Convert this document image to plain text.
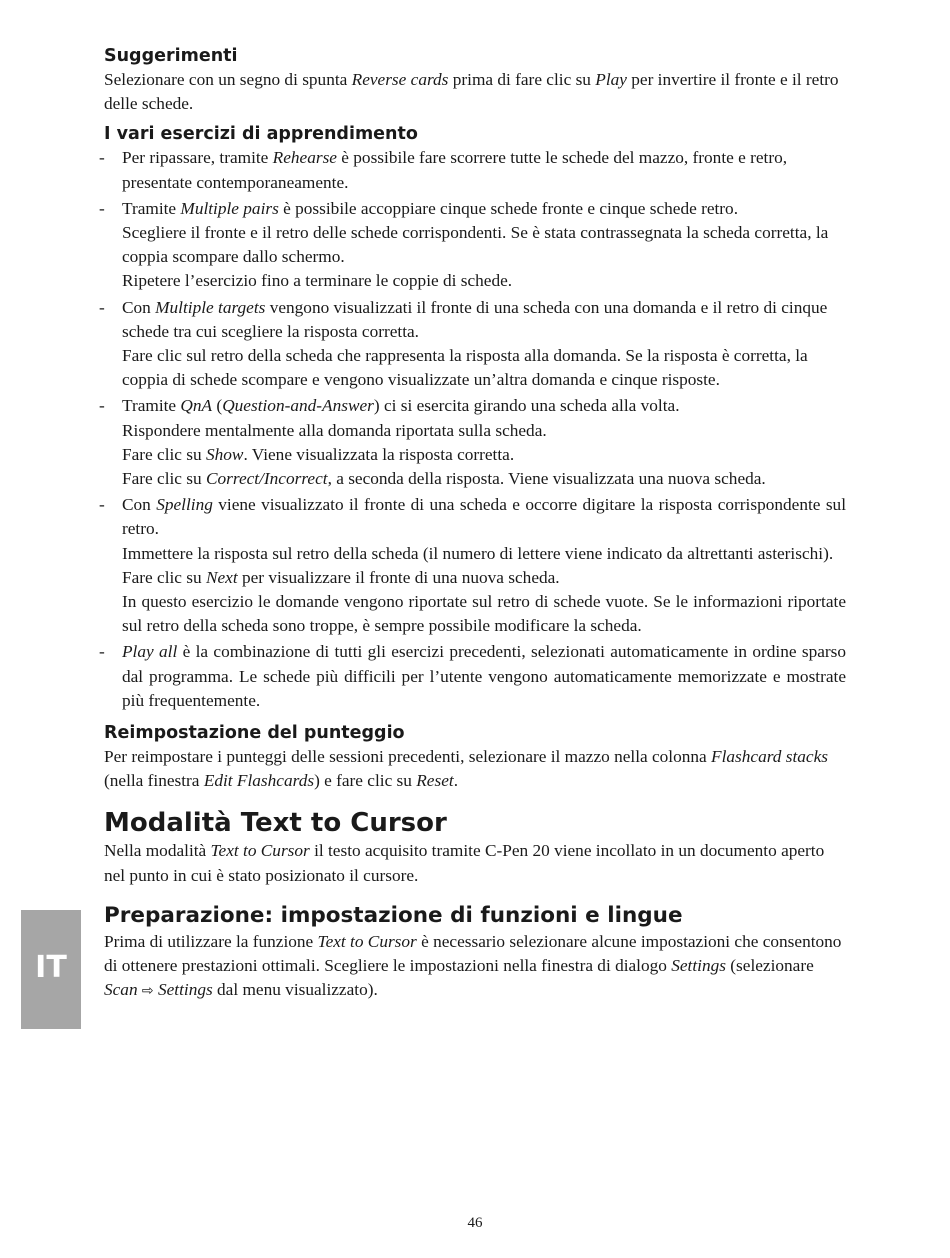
Suggerimenti

Selezionare con un segno di spunta Reverse cards prima di fare clic su Play per invertire il fronte e il retro delle schede.

I vari esercizi di apprendimento
- Per ripassare, tramite Rehearse è possibile fare scorrere tutte le schede del mazzo, fronte e retro, presentate contemporaneamente.

- Tramite Multiple pairs è possibile accoppiare cinque schede fronte e cinque schede retro.

Scegliere il fronte e il retro delle schede corrispondenti. Se è stata contrassegnata la scheda corretta, la coppia scompare dallo schermo.

Ripetere l’esercizio fino a terminare le coppie di schede.

- Con Multiple targets vengono visualizzati il fronte di una scheda con una domanda e il retro di cinque schede tra cui scegliere la risposta corretta.

Fare clic sul retro della scheda che rappresenta la risposta alla domanda. Se la risposta è corretta, la coppia di schede scompare e vengono visualizzate un’altra domanda e cinque risposte.

- Tramite QnA (Question-and-Answer) ci si esercita girando una scheda alla volta.

Rispondere mentalmente alla domanda riportata sulla scheda.

Fare clic su Show. Viene visualizzata la risposta corretta.

Fare clic su Correct/Incorrect, a seconda della risposta. Viene visualizzata una nuova scheda.

- Con Spelling viene visualizzato il fronte di una scheda e occorre digitare la risposta corrispondente sul retro.

Immettere la risposta sul retro della scheda (il numero di lettere viene indicato da altrettanti asterischi).

Fare clic su Next per visualizzare il fronte di una nuova scheda.

In questo esercizio le domande vengono riportate sul retro di schede vuote. Se le informazioni riportate sul retro della scheda sono troppe, è sempre possibile modificare la scheda.

- Play all è la combinazione di tutti gli esercizi precedenti, selezionati automaticamente in ordine sparso dal programma. Le schede più difficili per l’utente vengono automaticamente memorizzate e mostrate più frequentemente.

Reimpostazione del punteggio

Per reimpostare i punteggi delle sessioni precedenti, selezionare il mazzo nella colonna Flashcard stacks (nella finestra Edit Flashcards) e fare clic su Reset.

Modalità Text to Cursor

Nella modalità Text to Cursor il testo acquisito tramite C-Pen 20 viene incollato in un documento aperto nel punto in cui è stato posizionato il cursore.

Preparazione: impostazione di funzioni e lingue

Prima di utilizzare la funzione Text to Cursor è necessario selezionare alcune impostazioni che consentono di ottenere prestazioni ottimali. Scegliere le impostazioni nella finestra di dialogo Settings (selezionare Scan ⇨ Settings dal menu visualizzato).

IT
46
